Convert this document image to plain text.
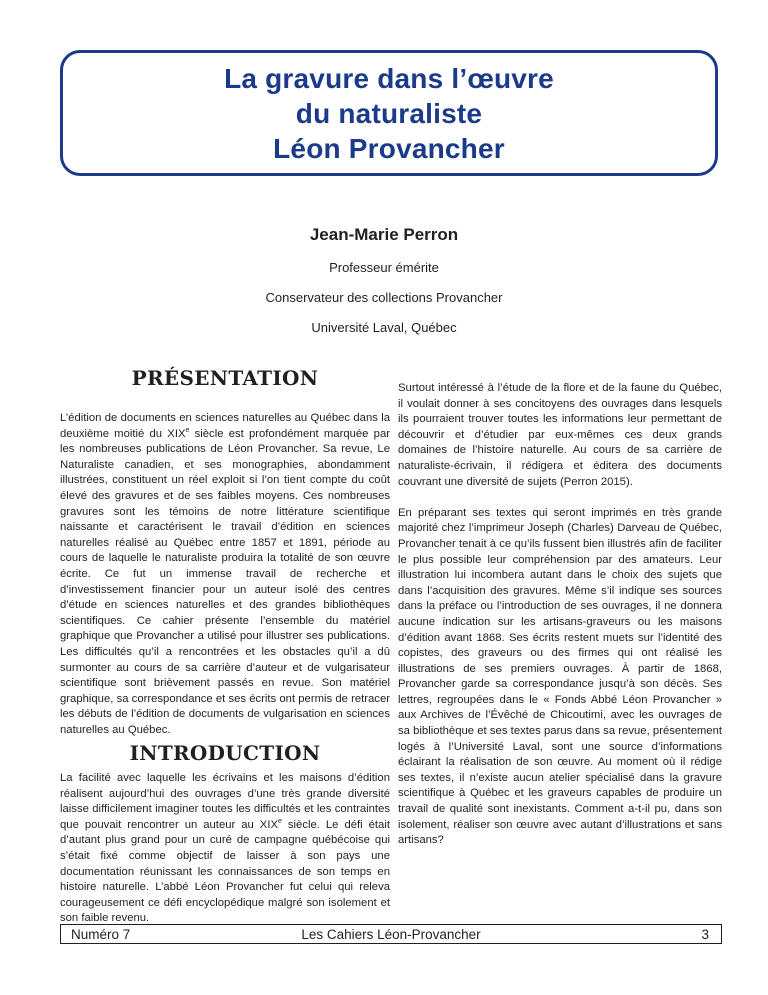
La gravure dans l’œuvre
du naturaliste
Léon Provancher

Jean-Marie Perron

Professeur émérite

Conservateur des collections Provancher

Université Laval, Québec

PRÉSENTATION

L’édition de documents en sciences naturelles au Québec dans la deuxième moitié du XIXe siècle est profondément marquée par les nombreuses publications de Léon Provancher. Sa revue, Le Naturaliste canadien, et ses monographies, abondamment illustrées, constituent un réel exploit si l’on tient compte du coût élevé des gravures et de ses faibles moyens. Ces nombreuses gravures sont les témoins de notre littérature scientifique naissante et caractérisent le travail d’édition en sciences naturelles réalisé au Québec entre 1857 et 1891, période au cours de laquelle le naturaliste produira la totalité de son œuvre écrite. Ce fut un immense travail de recherche et d’investissement financier pour un auteur isolé des centres d’étude en sciences naturelles et des grandes bibliothèques scientifiques. Ce cahier présente l’ensemble du matériel graphique que Provancher a utilisé pour illustrer ses publications. Les difficultés qu’il a rencontrées et les obstacles qu’il a dû surmonter au cours de sa carrière d’auteur et de vulgarisateur scientifique sont brièvement passés en revue. Son matériel graphique, sa correspondance et ses écrits ont permis de retracer les débuts de l’édition de documents de vulgarisation en sciences naturelles au Québec.

INTRODUCTION

La facilité avec laquelle les écrivains et les maisons d’édition réalisent aujourd’hui des ouvrages d’une très grande diversité laisse difficilement imaginer toutes les difficultés et les contraintes que pouvait rencontrer un auteur au XIXe siècle. Le défi était d’autant plus grand pour un curé de campagne québécoise qui s’était fixé comme objectif de laisser à son pays une documentation réunissant les connaissances de son temps en histoire naturelle. L’abbé Léon Provancher fut celui qui releva courageusement ce défi encyclopédique malgré son isolement et son faible revenu.

Surtout intéressé à l’étude de la flore et de la faune du Québec, il voulait donner à ses concitoyens des ouvrages dans lesquels ils pourraient trouver toutes les informations leur permettant de découvrir et d’étudier par eux-mêmes ces deux grands domaines de l’histoire naturelle. Au cours de sa carrière de naturaliste-écrivain, il rédigera et éditera des documents couvrant une diversité de sujets (Perron 2015).

En préparant ses textes qui seront imprimés en très grande majorité chez l’imprimeur Joseph (Charles) Darveau de Québec, Provancher tenait à ce qu’ils fussent bien illustrés afin de faciliter le plus possible leur compréhension par des amateurs. Leur illustration lui incombera autant dans le choix des sujets que dans l’acquisition des gravures. Même s’il indique ses sources dans la préface ou l’introduction de ses ouvrages, il ne donnera aucune indication sur les artisans-graveurs ou les maisons d’édition avant 1868. Ses écrits restent muets sur l’identité des copistes, des graveurs ou des firmes qui ont réalisé les illustrations de ses premiers ouvrages. À partir de 1868, Provancher garde sa correspondance jusqu’à son décès. Ses lettres, regroupées dans le « Fonds Abbé Léon Provancher » aux Archives de l’Évêché de Chicoutimi, avec les ouvrages de sa bibliothèque et ses textes parus dans sa revue, présentement logés à l’Université Laval, sont une source d’informations éclairant la réalisation de son œuvre. Au moment où il rédige ses textes, il n’existe aucun atelier spécialisé dans la gravure scientifique à Québec et les graveurs capables de produire un travail de qualité sont inexistants. Comment a-t-il pu, dans son isolement, réaliser son œuvre avec autant d’illustrations et sans artisans?

Numéro 7	Les Cahiers Léon-Provancher	3
